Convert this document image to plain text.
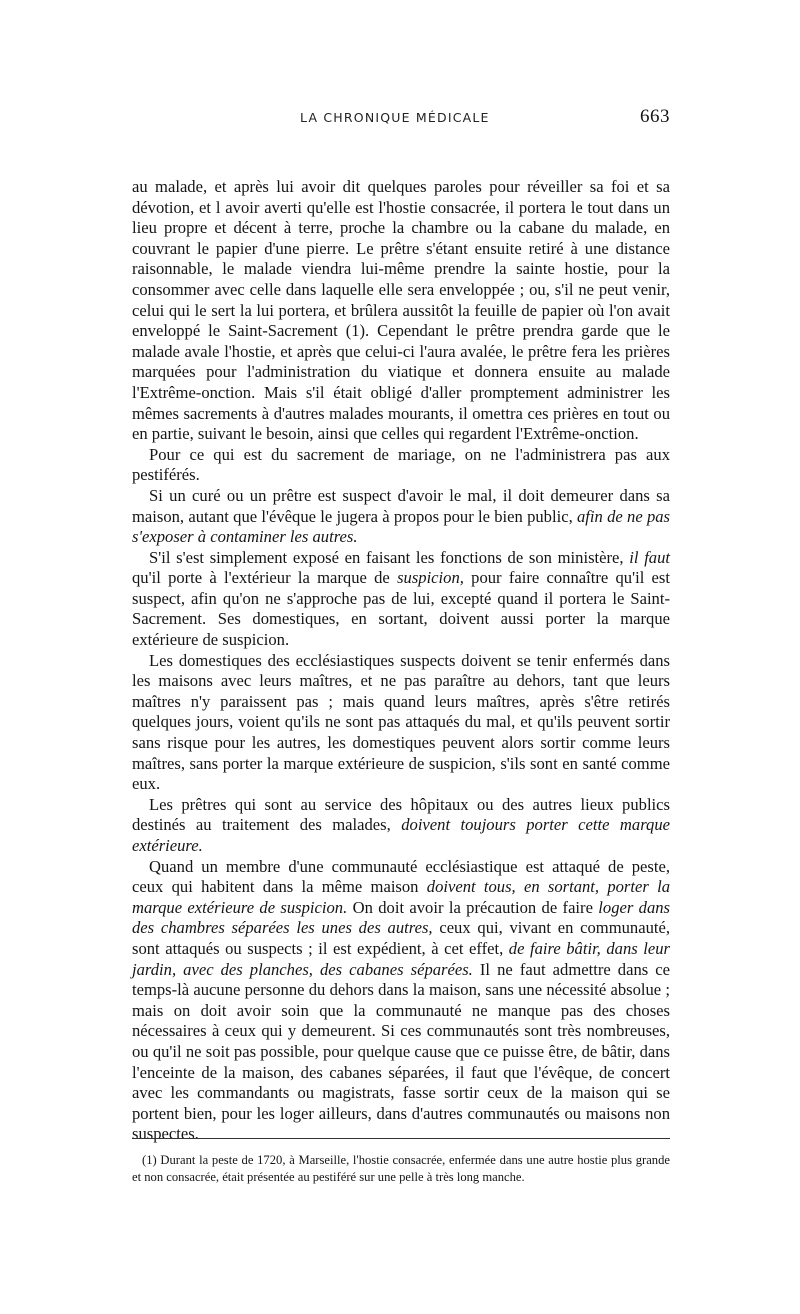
LA CHRONIQUE MÉDICALE	663

au malade, et après lui avoir dit quelques paroles pour réveiller sa foi et sa dévotion, et l avoir averti qu'elle est l'hostie consacrée, il portera le tout dans un lieu propre et décent à terre, proche la chambre ou la cabane du malade, en couvrant le papier d'une pierre. Le prêtre s'étant ensuite retiré à une distance raisonnable, le malade viendra lui-même prendre la sainte hostie, pour la consommer avec celle dans laquelle elle sera enveloppée ; ou, s'il ne peut venir, celui qui le sert la lui portera, et brûlera aussitôt la feuille de papier où l'on avait enveloppé le Saint-Sacrement (1). Cependant le prêtre prendra garde que le malade avale l'hostie, et après que celui-ci l'aura avalée, le prêtre fera les prières marquées pour l'administration du viatique et donnera ensuite au malade l'Extrême-onction. Mais s'il était obligé d'aller promptement administrer les mêmes sacrements à d'autres malades mourants, il omettra ces prières en tout ou en partie, suivant le besoin, ainsi que celles qui regardent l'Extrême-onction.

Pour ce qui est du sacrement de mariage, on ne l'administrera pas aux pestiférés.

Si un curé ou un prêtre est suspect d'avoir le mal, il doit demeurer dans sa maison, autant que l'évêque le jugera à propos pour le bien public, afin de ne pas s'exposer à contaminer les autres.

S'il s'est simplement exposé en faisant les fonctions de son ministère, il faut qu'il porte à l'extérieur la marque de suspicion, pour faire connaître qu'il est suspect, afin qu'on ne s'approche pas de lui, excepté quand il portera le Saint-Sacrement. Ses domestiques, en sortant, doivent aussi porter la marque extérieure de suspicion.

Les domestiques des ecclésiastiques suspects doivent se tenir enfermés dans les maisons avec leurs maîtres, et ne pas paraître au dehors, tant que leurs maîtres n'y paraissent pas ; mais quand leurs maîtres, après s'être retirés quelques jours, voient qu'ils ne sont pas attaqués du mal, et qu'ils peuvent sortir sans risque pour les autres, les domestiques peuvent alors sortir comme leurs maîtres, sans porter la marque extérieure de suspicion, s'ils sont en santé comme eux.

Les prêtres qui sont au service des hôpitaux ou des autres lieux publics destinés au traitement des malades, doivent toujours porter cette marque extérieure.

Quand un membre d'une communauté ecclésiastique est attaqué de peste, ceux qui habitent dans la même maison doivent tous, en sortant, porter la marque extérieure de suspicion. On doit avoir la précaution de faire loger dans des chambres séparées les unes des autres, ceux qui, vivant en communauté, sont attaqués ou suspects ; il est expédient, à cet effet, de faire bâtir, dans leur jardin, avec des planches, des cabanes séparées. Il ne faut admettre dans ce temps-là aucune personne du dehors dans la maison, sans une nécessité absolue ; mais on doit avoir soin que la communauté ne manque pas des choses nécessaires à ceux qui y demeurent. Si ces communautés sont très nombreuses, ou qu'il ne soit pas possible, pour quelque cause que ce puisse être, de bâtir, dans l'enceinte de la maison, des cabanes séparées, il faut que l'évêque, de concert avec les commandants ou magistrats, fasse sortir ceux de la maison qui se portent bien, pour les loger ailleurs, dans d'autres communautés ou maisons non suspectes.

(1) Durant la peste de 1720, à Marseille, l'hostie consacrée, enfermée dans une autre hostie plus grande et non consacrée, était présentée au pestiféré sur une pelle à très long manche.
